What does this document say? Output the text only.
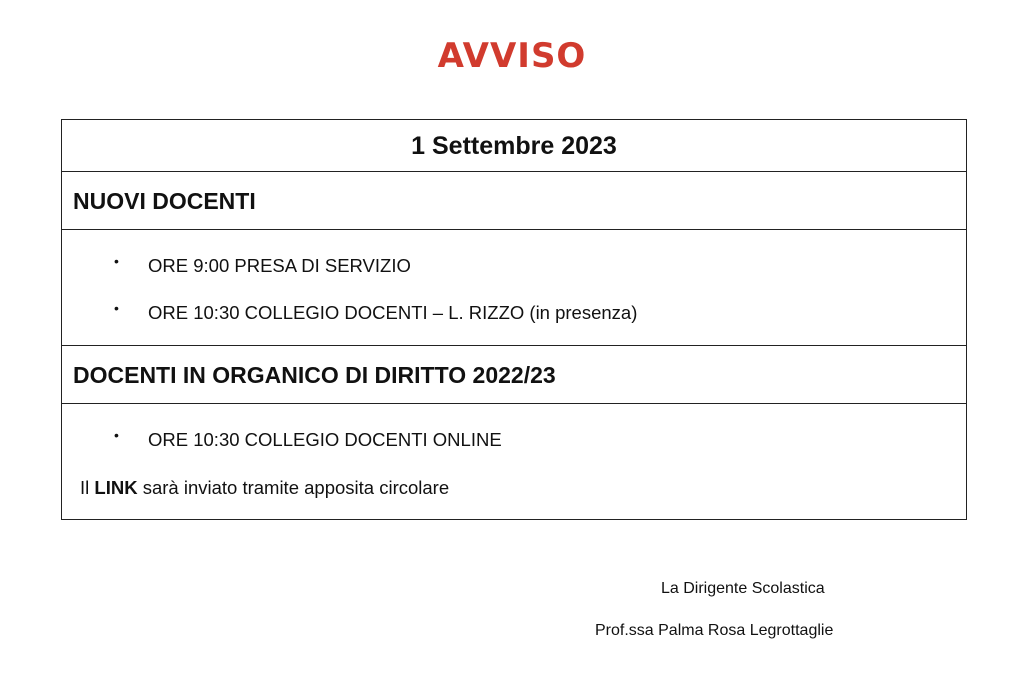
AVVISO
1 Settembre 2023
NUOVI DOCENTI
• ORE 9:00 PRESA DI SERVIZIO
• ORE 10:30 COLLEGIO DOCENTI – L. RIZZO (in presenza)
DOCENTI IN ORGANICO DI DIRITTO 2022/23
• ORE 10:30 COLLEGIO DOCENTI ONLINE
Il LINK sarà inviato tramite apposita circolare
La Dirigente Scolastica
Prof.ssa Palma Rosa Legrottaglie
